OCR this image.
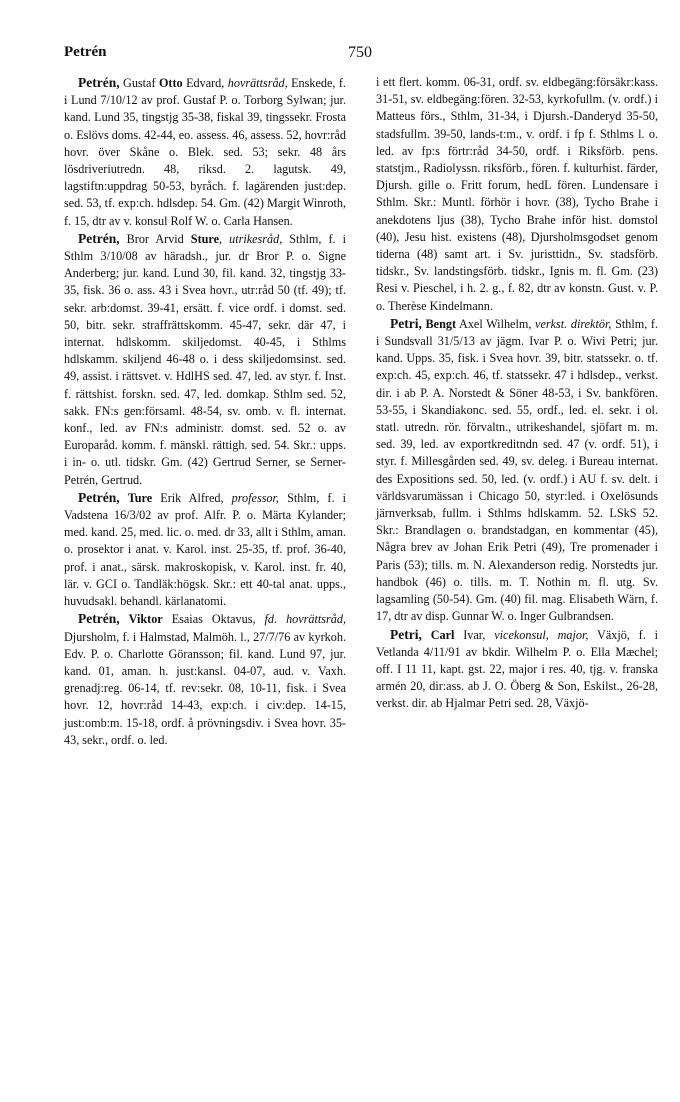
Petrén	750

Petrén, Gustaf Otto Edvard, hovrättsråd, Enskede, f. i Lund 7/10/12 av prof. Gustaf P. o. Torborg Sylwan; jur. kand. Lund 35, tingstjg 35-38, fiskal 39, tingssekr. Frosta o. Eslövs doms. 42-44, eo. assess. 46, assess. 52, hovr:råd hovr. över Skåne o. Blek. sed. 53; sekr. 48 års lösdriveriutredn. 48, riksd. 2. lagutsk. 49, lagstiftn:uppdrag 50-53, byråch. f. lagärenden just:dep. sed. 53, tf. exp:ch. hdlsdep. 54. Gm. (42) Margit Winroth, f. 15, dtr av v. konsul Rolf W. o. Carla Hansen.

Petrén, Bror Arvid Sture, utrikesråd, Sthlm, f. i Sthlm 3/10/08 av häradsh., jur. dr Bror P. o. Signe Anderberg; jur. kand. Lund 30, fil. kand. 32, tingstjg 33-35, fisk. 36 o. ass. 43 i Svea hovr., utr:råd 50 (tf. 49); tf. sekr. arb:domst. 39-41, ersätt. f. vice ordf. i domst. sed. 50, bitr. sekr. straffrättskomm. 45-47, sekr. där 47, i internat. hdlskomm. skiljedomst. 40-45, i Sthlms hdlskamm. skiljend 46-48 o. i dess skiljedomsinst. sed. 49, assist. i rättsvet. v. HdlHS sed. 47, led. av styr. f. Inst. f. rättshist. forskn. sed. 47, led. domkap. Sthlm sed. 52, sakk. FN:s gen:församl. 48-54, sv. omb. v. fl. internat. konf., led. av FN:s administr. domst. sed. 52 o. av Europaråd. komm. f. mänskl. rättigh. sed. 54. Skr.: upps. i in- o. utl. tidskr. Gm. (42) Gertrud Serner, se Serner-Petrén, Gertrud.

Petrén, Ture Erik Alfred, professor, Sthlm, f. i Vadstena 16/3/02 av prof. Alfr. P. o. Märta Kylander; med. kand. 25, med. lic. o. med. dr 33, allt i Sthlm, aman. o. prosektor i anat. v. Karol. inst. 25-35, tf. prof. 36-40, prof. i anat., särsk. makroskopisk, v. Karol. inst. fr. 40, lär. v. GCI o. Tandläk:högsk. Skr.: ett 40-tal anat. upps., huvudsakl. behandl. kärlanatomi.

Petrén, Viktor Esaias Oktavus, fd. hovrättsråd, Djursholm, f. i Halmstad, Malmöh. l., 27/7/76 av kyrkoh. Edv. P. o. Charlotte Göransson; fil. kand. Lund 97, jur. kand. 01, aman. h. just:kansl. 04-07, aud. v. Vaxh. grenadj:reg. 06-14, tf. rev:sekr. 08, 10-11, fisk. i Svea hovr. 12, hovr:råd 14-43, exp:ch. i civ:dep. 14-15, just:omb:m. 15-18, ordf. å prövningsdiv. i Svea hovr. 35-43, sekr., ordf. o. led.

i ett flert. komm. 06-31, ordf. sv. eldbegäng:försäkr:kass. 31-51, sv. eldbegäng:fören. 32-53, kyrkofullm. (v. ordf.) i Matteus förs., Sthlm, 31-34, i Djursh.-Danderyd 35-50, stadsfullm. 39-50, lands-t:m., v. ordf. i fp f. Sthlms l. o. led. av fp:s förtr:råd 34-50, ordf. i Riksförb. pens. statstjm., Radiolyssn. riksförb., fören. f. kulturhist. färder, Djursh. gille o. Fritt forum, hedL fören. Lundensare i Sthlm. Skr.: Muntl. förhör i hovr. (38), Tycho Brahe i anekdotens ljus (38), Tycho Brahe inför hist. domstol (40), Jesu hist. existens (48), Djursholmsgodset genom tiderna (48) samt art. i Sv. juristtidn., Sv. stadsförb. tidskr., Sv. landstingsförb. tidskr., Ignis m. fl. Gm. (23) Resi v. Pieschel, i h. 2. g., f. 82, dtr av konstn. Gust. v. P. o. Therèse Kindelmann.

Petri, Bengt Axel Wilhelm, verkst. direktör, Sthlm, f. i Sundsvall 31/5/13 av jägm. Ivar P. o. Wivi Petri; jur. kand. Upps. 35, fisk. i Svea hovr. 39, bitr. statssekr. o. tf. exp:ch. 45, exp:ch. 46, tf. statssekr. 47 i hdlsdep., verkst. dir. i ab P. A. Norstedt & Söner 48-53, i Sv. bankfören. 53-55, i Skandiakonc. sed. 55, ordf., led. el. sekr. i ol. statl. utredn. rör. förvaltn., utrikeshandel, sjöfart m. m. sed. 39, led. av exportkreditndn sed. 47 (v. ordf. 51), i styr. f. Millesgården sed. 49, sv. deleg. i Bureau internat. des Expositions sed. 50, led. (v. ordf.) i AU f. sv. delt. i världsvarumässan i Chicago 50, styr:led. i Oxelösunds järnverksab, fullm. i Sthlms hdlskamm. 52. LSkS 52. Skr.: Brandlagen o. brandstadgan, en kommentar (45), Några brev av Johan Erik Petri (49), Tre promenader i Paris (53); tills. m. N. Alexanderson redig. Norstedts jur. handbok (46) o. tills. m. T. Nothin m. fl. utg. Sv. lagsamling (50-54). Gm. (40) fil. mag. Elisabeth Wärn, f. 17, dtr av disp. Gunnar W. o. Inger Gulbrandsen.

Petri, Carl Ivar, vicekonsul, major, Växjö, f. i Vetlanda 4/11/91 av bkdir. Wilhelm P. o. Ella Mæchel; off. I 11 11, kapt. gst. 22, major i res. 40, tjg. v. franska armén 20, dir:ass. ab J. O. Öberg & Son, Eskilst., 26-28, verkst. dir. ab Hjalmar Petri sed. 28, Växjö-
